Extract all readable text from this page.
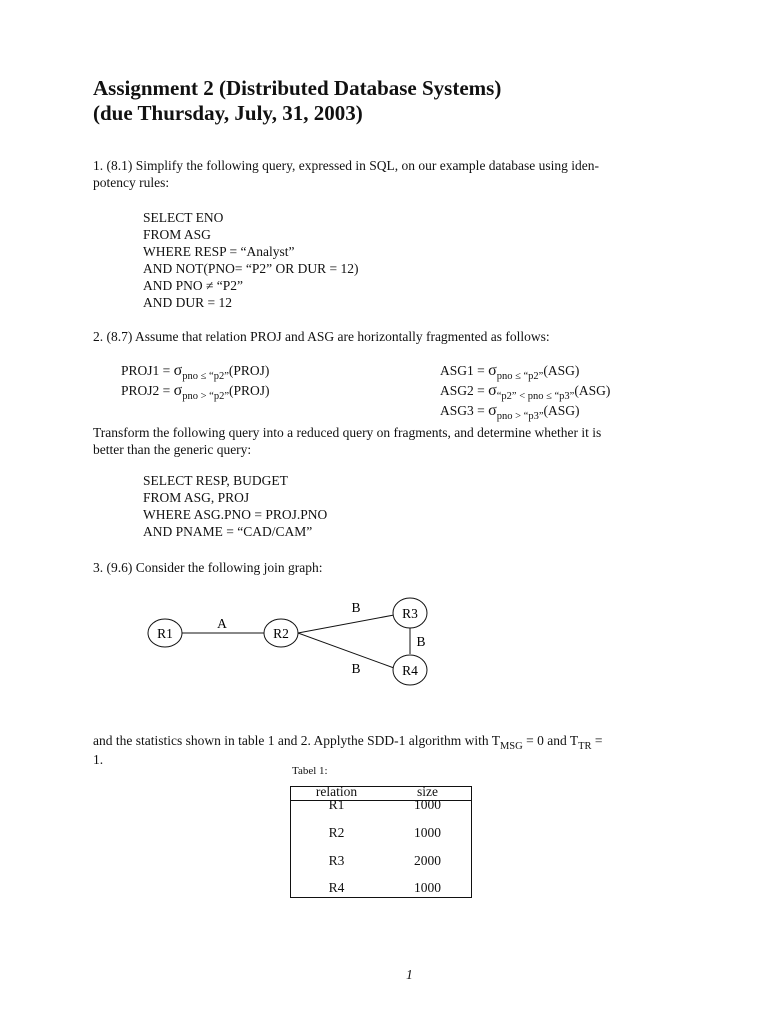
Assignment 2 (Distributed Database Systems)
(due Thursday, July, 31, 2003)
1. (8.1) Simplify the following query, expressed in SQL, on our example database using iden-
potency rules:
SELECT ENO
FROM ASG
WHERE RESP = “Analyst”
AND NOT(PNO= “P2” OR DUR = 12)
AND PNO ≠ “P2”
AND DUR = 12
2. (8.7) Assume that relation PROJ and ASG are horizontally fragmented as follows:
PROJ1 = $\sigma_{pno \le “p2”}(PROJ)$
PROJ2 = $\sigma_{pno > “p2”}(PROJ)$
$ASG1 = \sigma_{pno \le “p2”}(ASG)$
$ASG2 = \sigma_{“p2” < pno \le “p3”}(ASG)$
$ASG3 = \sigma_{pno > “p3”}(ASG)$
Transform the following query into a reduced query on fragments, and determine whether it is
better than the generic query:
SELECT RESP, BUDGET
FROM ASG, PROJ
WHERE ASG.PNO = PROJ.PNO
AND PNAME = “CAD/CAM”
3. (9.6) Consider the following join graph:
R1	R2
R3
R4
A
B
B
B
and the statistics shown in table 1 and 2. Applythe SDD-1 algorithm with $T_{MSG} = 0$ and $T_{TR}$ =
1.
Tabel 1:
relation	size
R1	1000
R2	1000
R3	2000
R4	1000
1
